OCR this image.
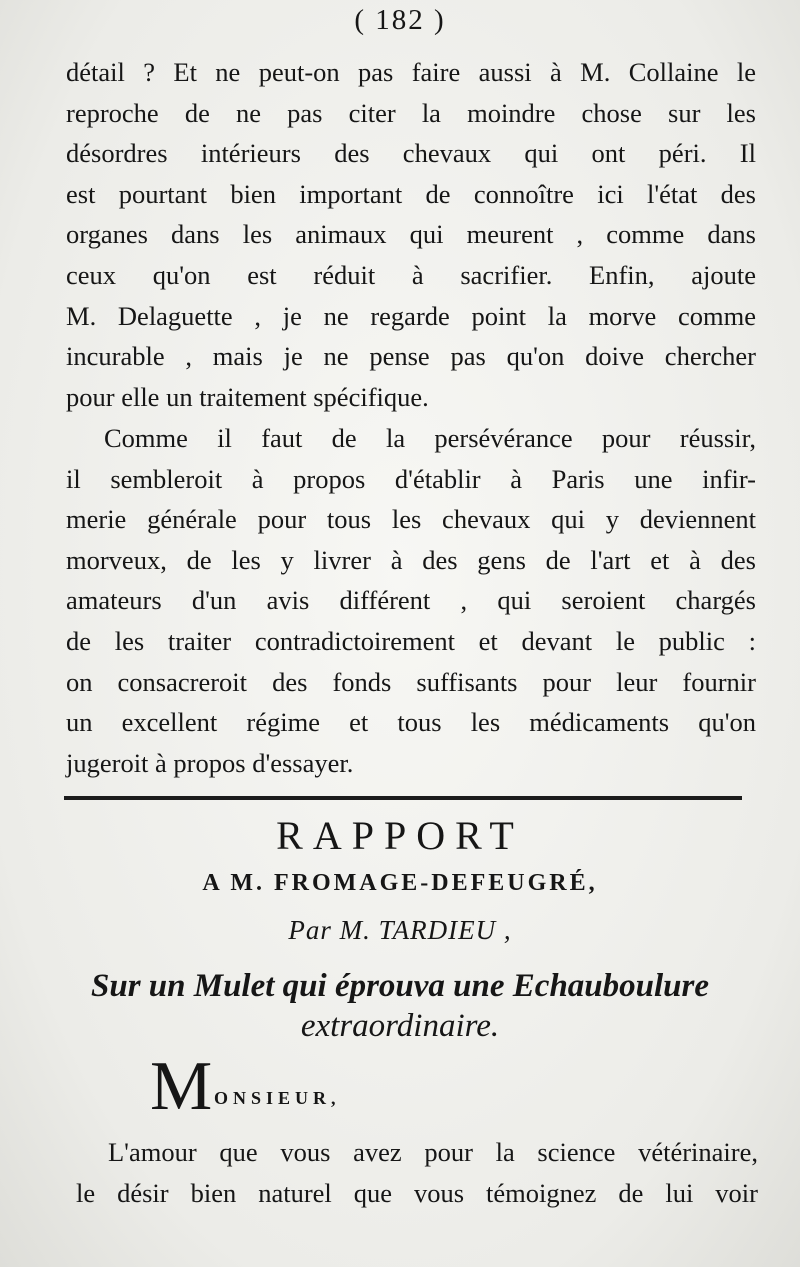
( 182 )
détail ? Et ne peut-on pas faire aussi à M. Collaine le
reproche de ne pas citer la moindre chose sur les
désordres intérieurs des chevaux qui ont péri. Il
est pourtant bien important de connoître ici l'état des
organes dans les animaux qui meurent , comme dans
ceux qu'on est réduit à sacrifier. Enfin, ajoute
M. Delaguette , je ne regarde point la morve comme
incurable , mais je ne pense pas qu'on doive chercher
pour elle un traitement spécifique.
Comme il faut de la persévérance pour réussir,
il sembleroit à propos d'établir à Paris une infir-
merie générale pour tous les chevaux qui y deviennent
morveux, de les y livrer à des gens de l'art et à des
amateurs d'un avis différent , qui seroient chargés
de les traiter contradictoirement et devant le public :
on consacreroit des fonds suffisants pour leur fournir
un excellent régime et tous les médicaments qu'on
jugeroit à propos d'essayer.
RAPPORT
A M. FROMAGE-DEFEUGRÉ,
Par M. TARDIEU ,
Sur un Mulet qui éprouva une Echauboulure
extraordinaire.
M ONSIEUR,
L'amour que vous avez pour la science vétérinaire,
le désir bien naturel que vous témoignez de lui voir
